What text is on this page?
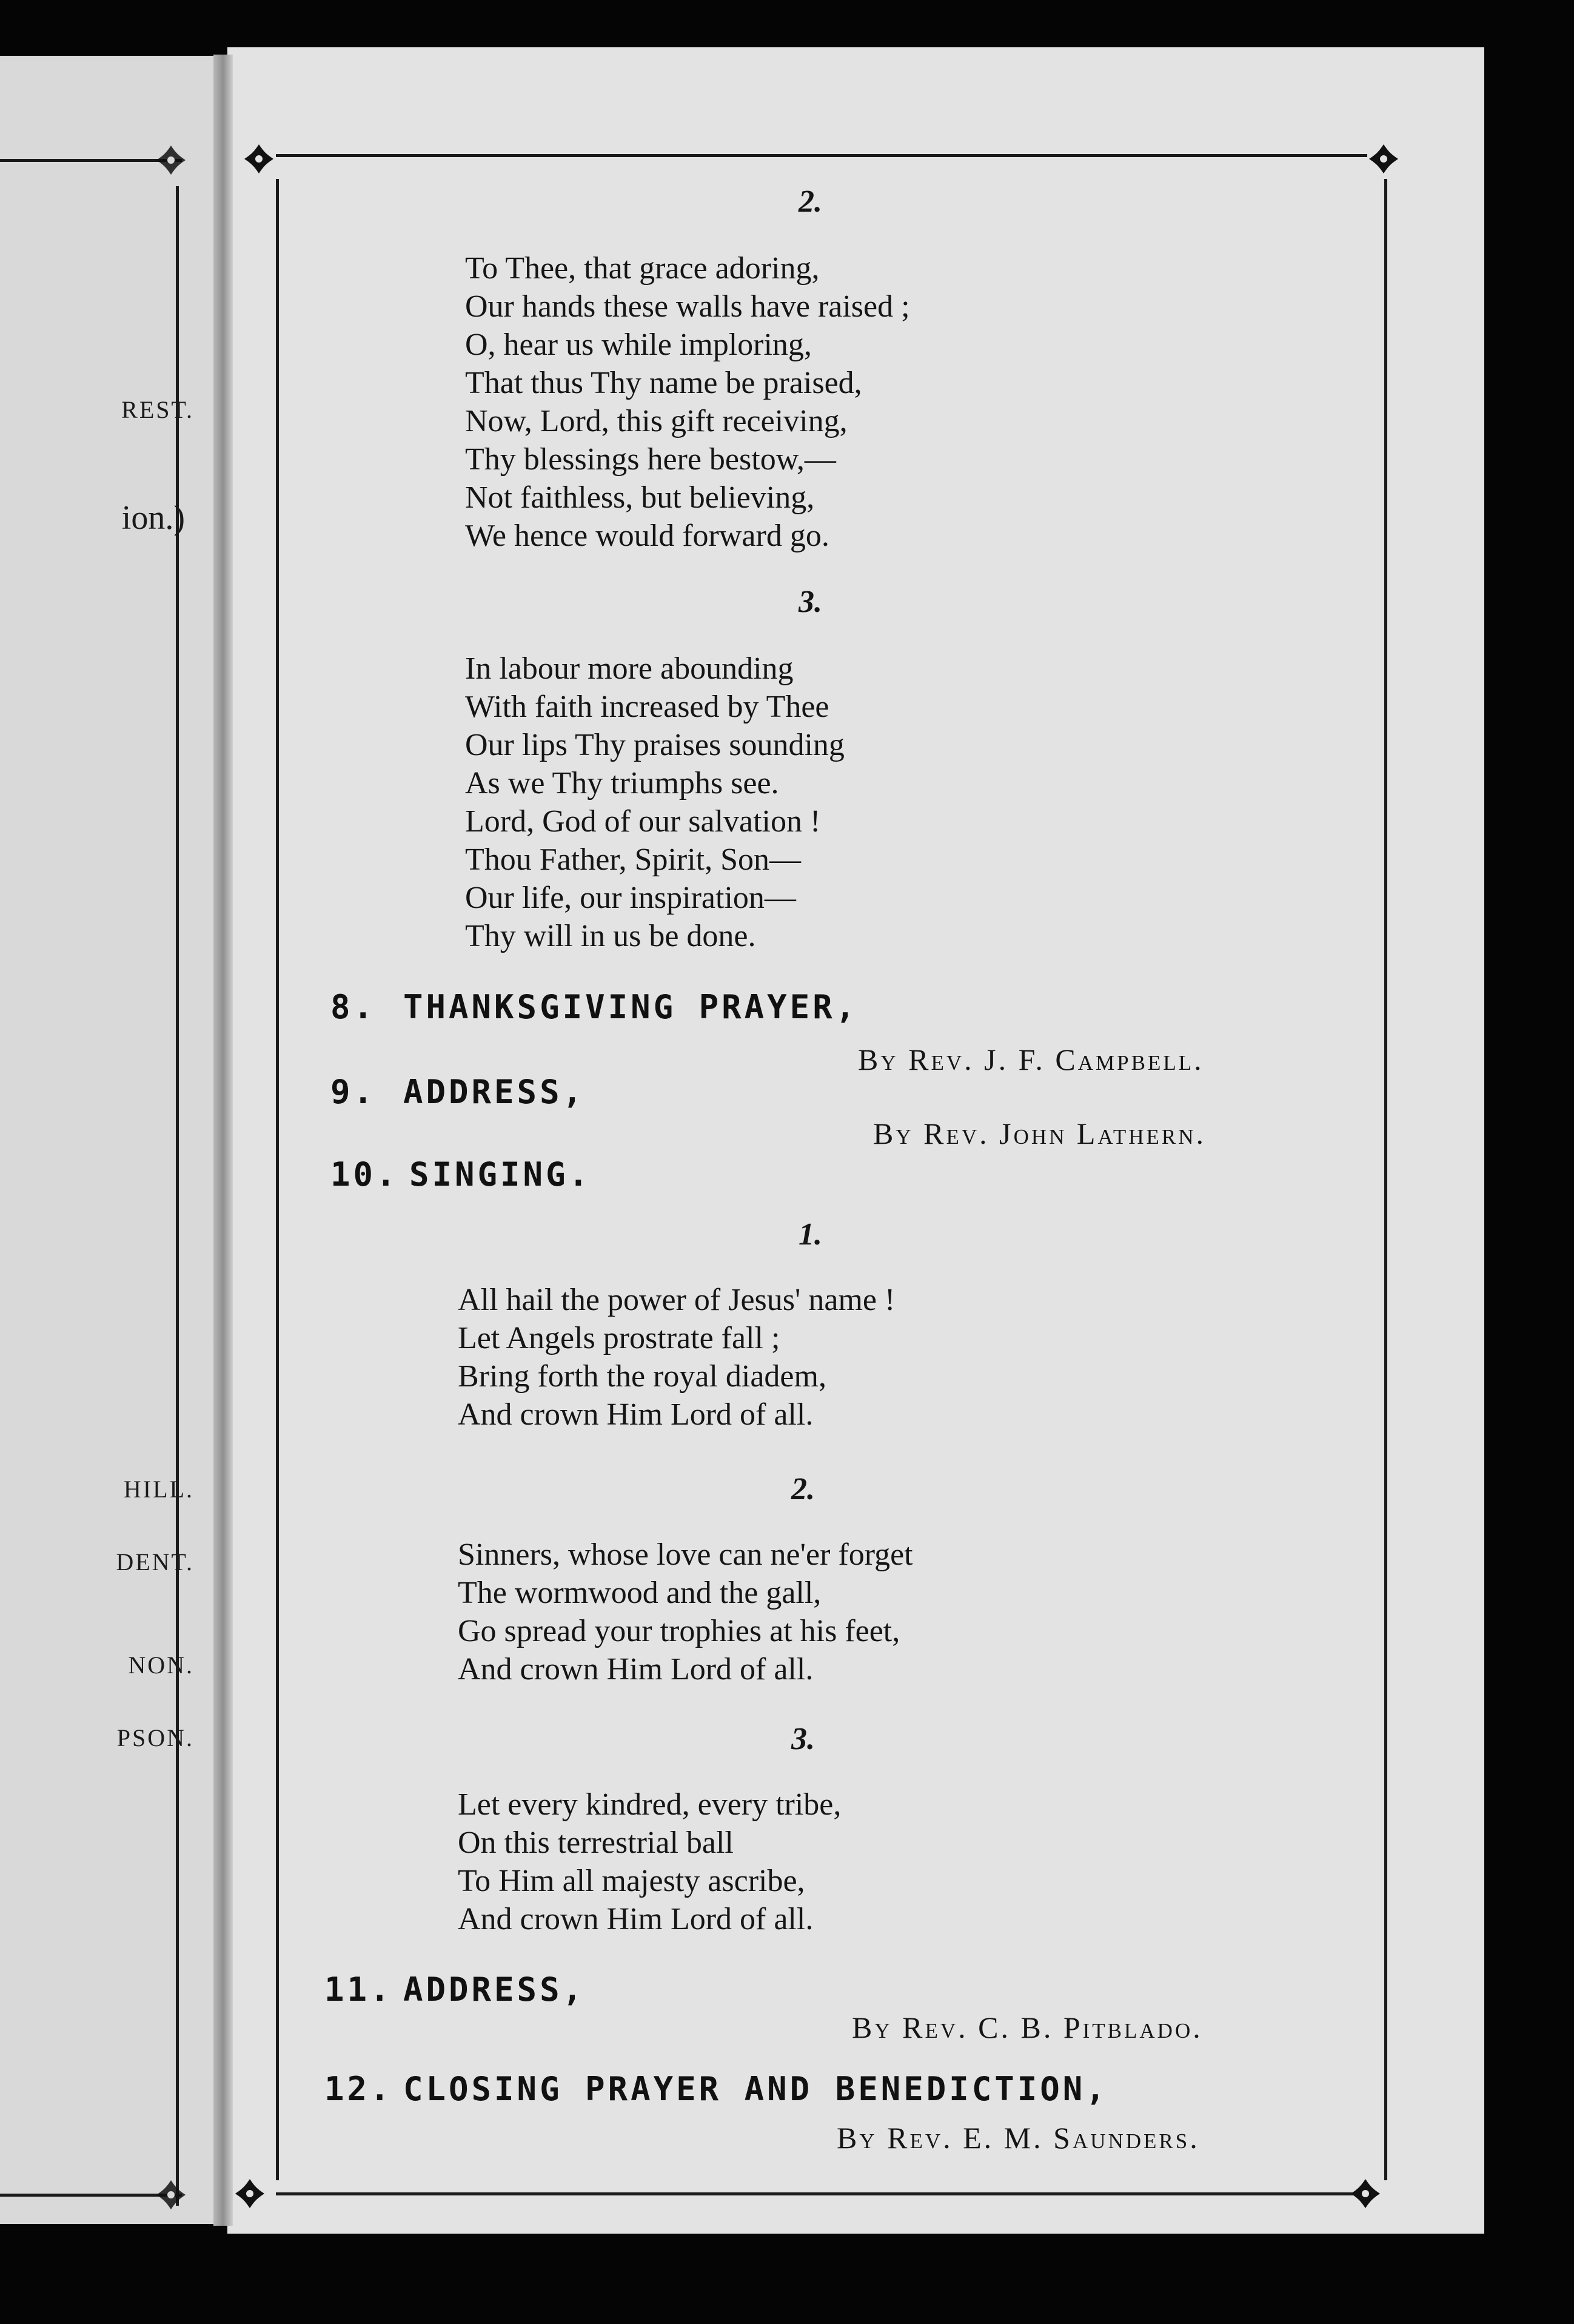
REST.
ion.)
HILL.
DENT.
NON.
PSON.
2.
To Thee, that grace adoring,
Our hands these walls have raised ;
O, hear us while imploring,
That thus Thy name be praised,
Now, Lord, this gift receiving,
Thy blessings here bestow,—
Not faithless, but believing,
We hence would forward go.
3.
In labour more abounding
With faith increased by Thee
Our lips Thy praises sounding
As we Thy triumphs see.
Lord, God of our salvation !
Thou Father, Spirit, Son—
Our life, our inspiration—
Thy will in us be done.
8. THANKSGIVING PRAYER,
By Rev. J. F. Campbell.
9. ADDRESS,
By Rev. John Lathern.
10. SINGING.
1.
All hail the power of Jesus' name !
Let Angels prostrate fall ;
Bring forth the royal diadem,
And crown Him Lord of all.
2.
Sinners, whose love can ne'er forget
The wormwood and the gall,
Go spread your trophies at his feet,
And crown Him Lord of all.
3.
Let every kindred, every tribe,
On this terrestrial ball
To Him all majesty ascribe,
And crown Him Lord of all.
11. ADDRESS,
By Rev. C. B. Pitblado.
12. CLOSING PRAYER AND BENEDICTION,
By Rev. E. M. Saunders.
